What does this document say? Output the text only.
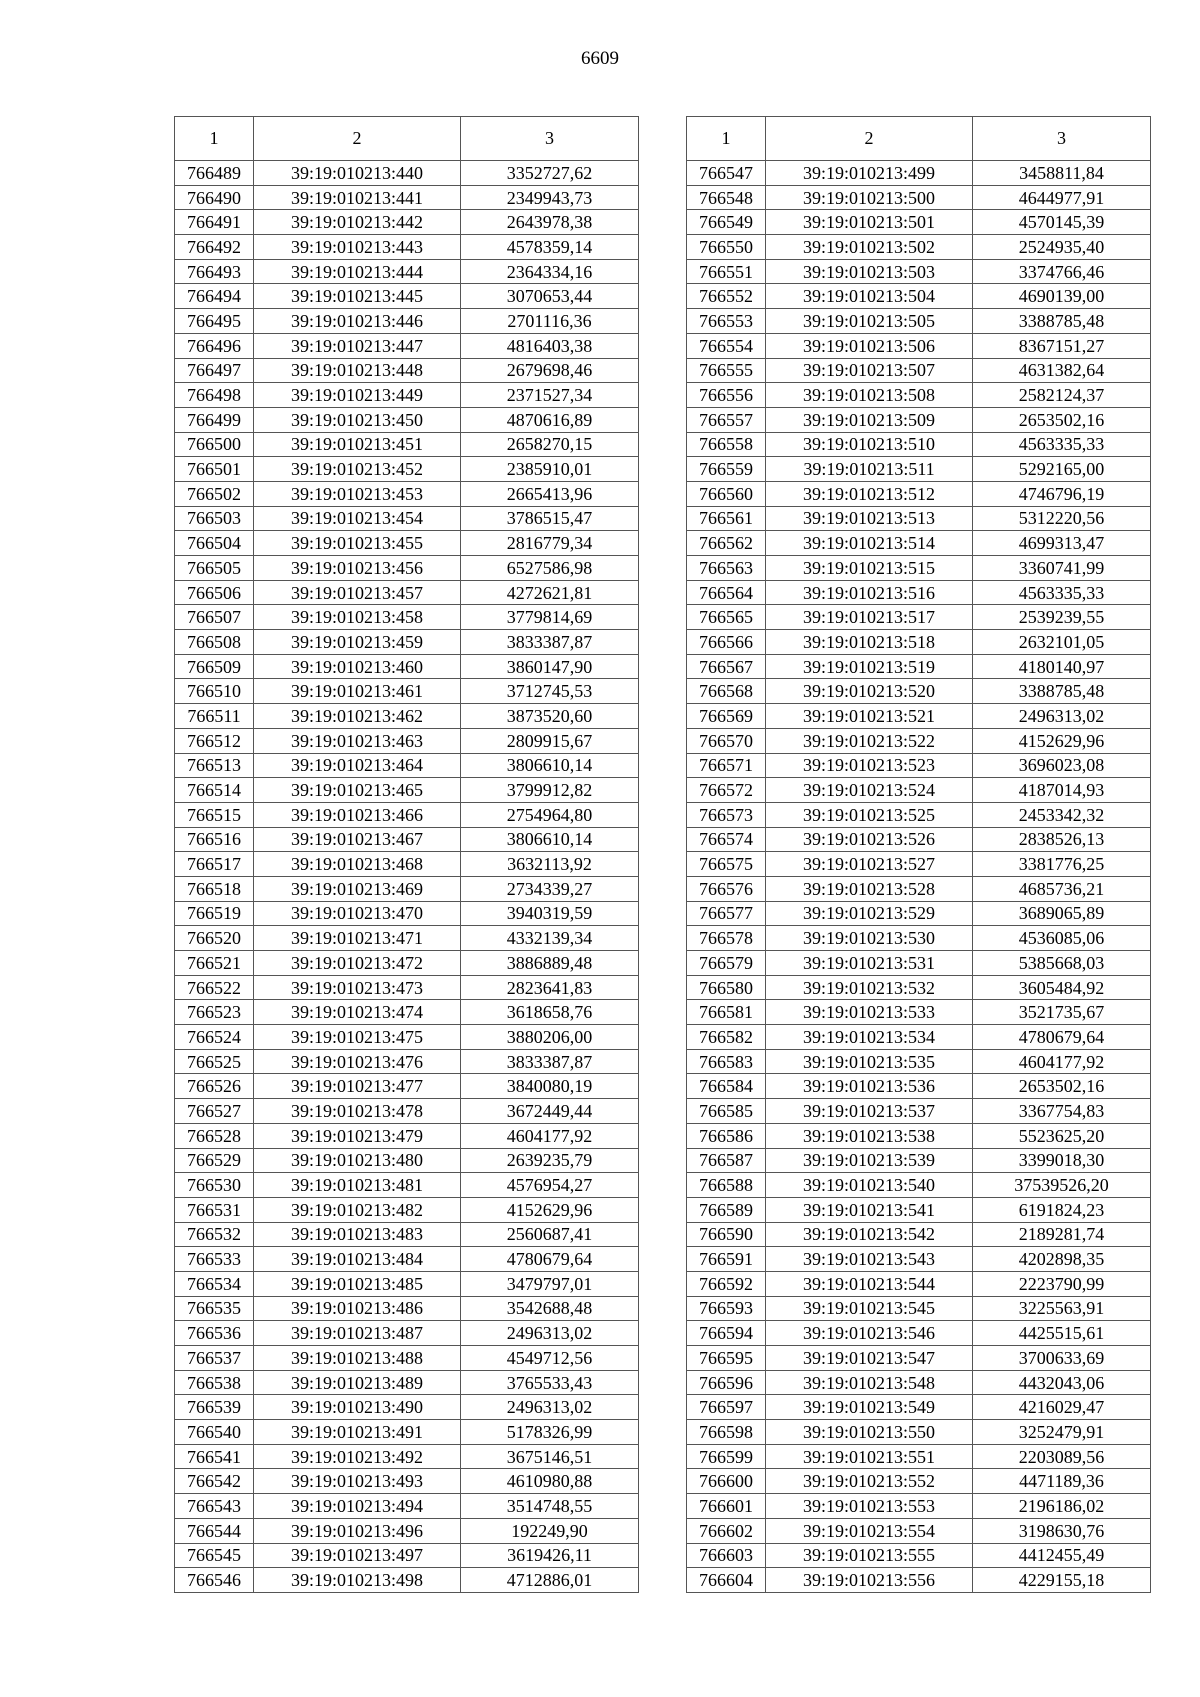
6609
1	2	3
766489	39:19:010213:440	3352727,62
766490	39:19:010213:441	2349943,73
766491	39:19:010213:442	2643978,38
766492	39:19:010213:443	4578359,14
766493	39:19:010213:444	2364334,16
766494	39:19:010213:445	3070653,44
766495	39:19:010213:446	2701116,36
766496	39:19:010213:447	4816403,38
766497	39:19:010213:448	2679698,46
766498	39:19:010213:449	2371527,34
766499	39:19:010213:450	4870616,89
766500	39:19:010213:451	2658270,15
766501	39:19:010213:452	2385910,01
766502	39:19:010213:453	2665413,96
766503	39:19:010213:454	3786515,47
766504	39:19:010213:455	2816779,34
766505	39:19:010213:456	6527586,98
766506	39:19:010213:457	4272621,81
766507	39:19:010213:458	3779814,69
766508	39:19:010213:459	3833387,87
766509	39:19:010213:460	3860147,90
766510	39:19:010213:461	3712745,53
766511	39:19:010213:462	3873520,60
766512	39:19:010213:463	2809915,67
766513	39:19:010213:464	3806610,14
766514	39:19:010213:465	3799912,82
766515	39:19:010213:466	2754964,80
766516	39:19:010213:467	3806610,14
766517	39:19:010213:468	3632113,92
766518	39:19:010213:469	2734339,27
766519	39:19:010213:470	3940319,59
766520	39:19:010213:471	4332139,34
766521	39:19:010213:472	3886889,48
766522	39:19:010213:473	2823641,83
766523	39:19:010213:474	3618658,76
766524	39:19:010213:475	3880206,00
766525	39:19:010213:476	3833387,87
766526	39:19:010213:477	3840080,19
766527	39:19:010213:478	3672449,44
766528	39:19:010213:479	4604177,92
766529	39:19:010213:480	2639235,79
766530	39:19:010213:481	4576954,27
766531	39:19:010213:482	4152629,96
766532	39:19:010213:483	2560687,41
766533	39:19:010213:484	4780679,64
766534	39:19:010213:485	3479797,01
766535	39:19:010213:486	3542688,48
766536	39:19:010213:487	2496313,02
766537	39:19:010213:488	4549712,56
766538	39:19:010213:489	3765533,43
766539	39:19:010213:490	2496313,02
766540	39:19:010213:491	5178326,99
766541	39:19:010213:492	3675146,51
766542	39:19:010213:493	4610980,88
766543	39:19:010213:494	3514748,55
766544	39:19:010213:496	192249,90
766545	39:19:010213:497	3619426,11
766546	39:19:010213:498	4712886,01
1	2	3
766547	39:19:010213:499	3458811,84
766548	39:19:010213:500	4644977,91
766549	39:19:010213:501	4570145,39
766550	39:19:010213:502	2524935,40
766551	39:19:010213:503	3374766,46
766552	39:19:010213:504	4690139,00
766553	39:19:010213:505	3388785,48
766554	39:19:010213:506	8367151,27
766555	39:19:010213:507	4631382,64
766556	39:19:010213:508	2582124,37
766557	39:19:010213:509	2653502,16
766558	39:19:010213:510	4563335,33
766559	39:19:010213:511	5292165,00
766560	39:19:010213:512	4746796,19
766561	39:19:010213:513	5312220,56
766562	39:19:010213:514	4699313,47
766563	39:19:010213:515	3360741,99
766564	39:19:010213:516	4563335,33
766565	39:19:010213:517	2539239,55
766566	39:19:010213:518	2632101,05
766567	39:19:010213:519	4180140,97
766568	39:19:010213:520	3388785,48
766569	39:19:010213:521	2496313,02
766570	39:19:010213:522	4152629,96
766571	39:19:010213:523	3696023,08
766572	39:19:010213:524	4187014,93
766573	39:19:010213:525	2453342,32
766574	39:19:010213:526	2838526,13
766575	39:19:010213:527	3381776,25
766576	39:19:010213:528	4685736,21
766577	39:19:010213:529	3689065,89
766578	39:19:010213:530	4536085,06
766579	39:19:010213:531	5385668,03
766580	39:19:010213:532	3605484,92
766581	39:19:010213:533	3521735,67
766582	39:19:010213:534	4780679,64
766583	39:19:010213:535	4604177,92
766584	39:19:010213:536	2653502,16
766585	39:19:010213:537	3367754,83
766586	39:19:010213:538	5523625,20
766587	39:19:010213:539	3399018,30
766588	39:19:010213:540	37539526,20
766589	39:19:010213:541	6191824,23
766590	39:19:010213:542	2189281,74
766591	39:19:010213:543	4202898,35
766592	39:19:010213:544	2223790,99
766593	39:19:010213:545	3225563,91
766594	39:19:010213:546	4425515,61
766595	39:19:010213:547	3700633,69
766596	39:19:010213:548	4432043,06
766597	39:19:010213:549	4216029,47
766598	39:19:010213:550	3252479,91
766599	39:19:010213:551	2203089,56
766600	39:19:010213:552	4471189,36
766601	39:19:010213:553	2196186,02
766602	39:19:010213:554	3198630,76
766603	39:19:010213:555	4412455,49
766604	39:19:010213:556	4229155,18
